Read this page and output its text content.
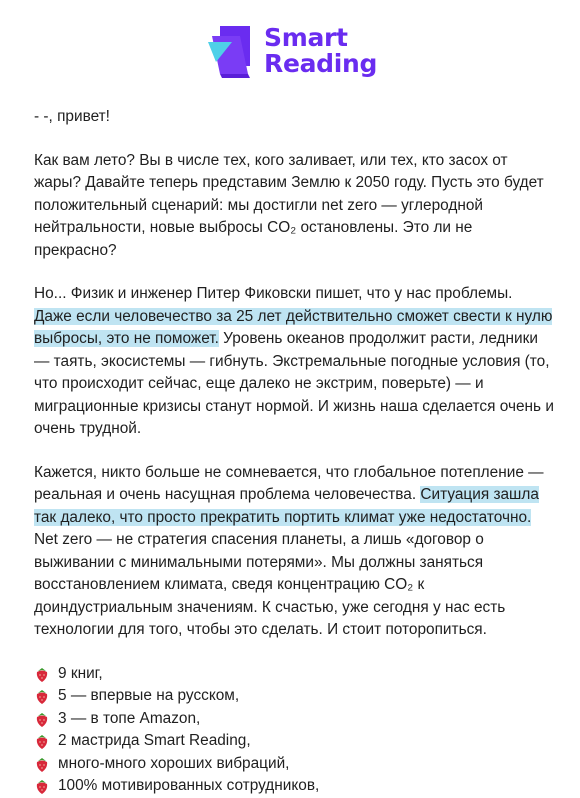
Smart
Reading

- -, привет!

Как вам лето? Вы в числе тех, кого заливает, или тех, кто засох от жары? Давайте теперь представим Землю к 2050 году. Пусть это будет положительный сценарий: мы достигли net zero — углеродной нейтральности, новые выбросы CO₂ остановлены. Это ли не прекрасно?

Но... Физик и инженер Питер Фиковски пишет, что у нас проблемы. Даже если человечество за 25 лет действительно сможет свести к нулю выбросы, это не поможет. Уровень океанов продолжит расти, ледники — таять, экосистемы — гибнуть. Экстремальные погодные условия (то, что происходит сейчас, еще далеко не экстрим, поверьте) — и миграционные кризисы станут нормой. И жизнь наша сделается очень и очень трудной.

Кажется, никто больше не сомневается, что глобальное потепление — реальная и очень насущная проблема человечества. Ситуация зашла так далеко, что просто прекратить портить климат уже недостаточно. Net zero — не стратегия спасения планеты, а лишь «договор о выживании с минимальными потерями». Мы должны заняться восстановлением климата, сведя концентрацию CO₂ к доиндустриальным значениям. К счастью, уже сегодня у нас есть технологии для того, чтобы это сделать. И стоит поторопиться.

9 книг,
5 — впервые на русском,
3 — в топе Amazon,
2 мастрида Smart Reading,
много-много хороших вибраций,
100% мотивированных сотрудников,
